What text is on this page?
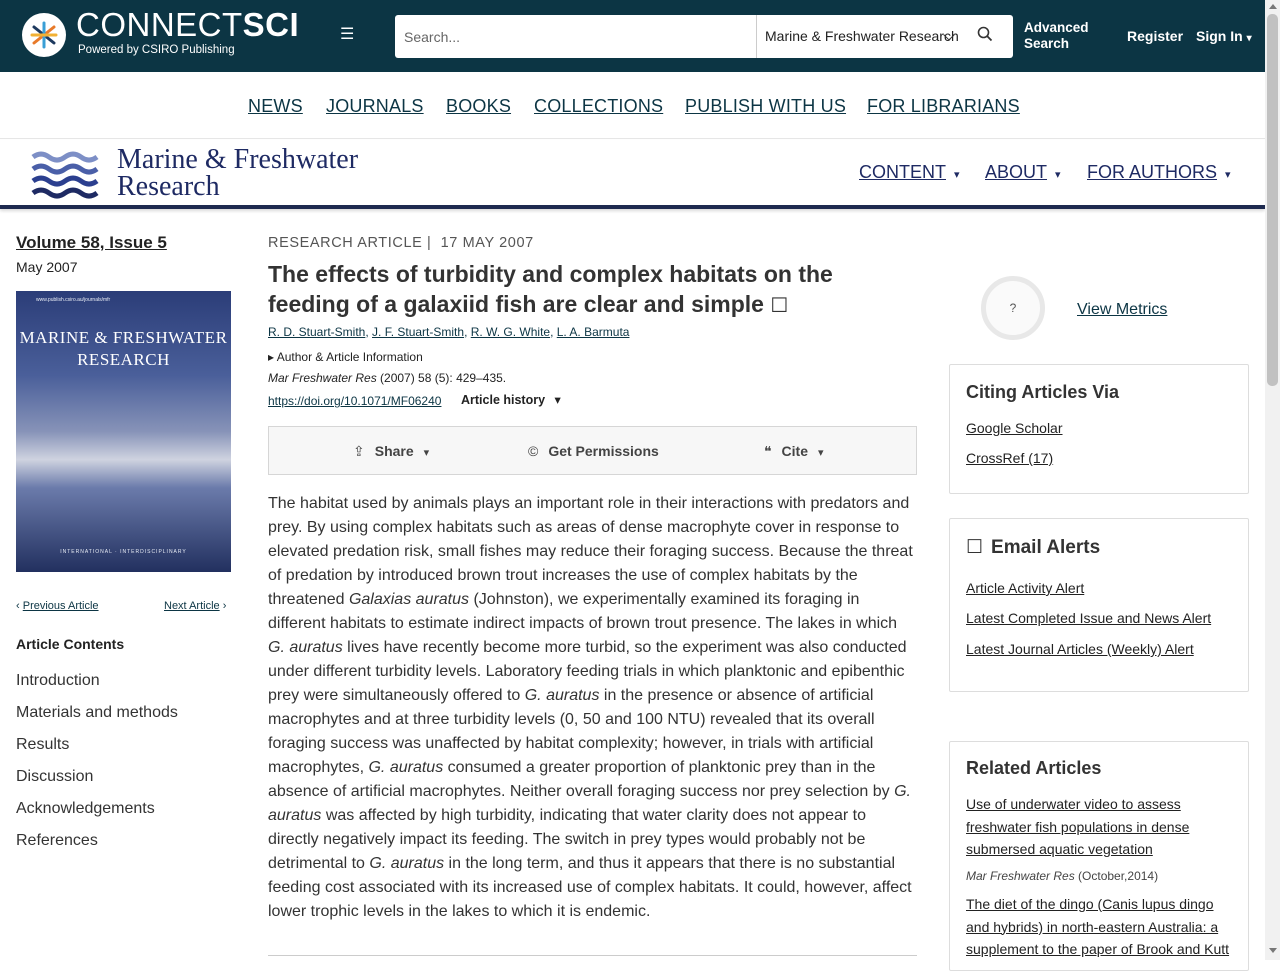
CONNECTSCI
Powered by CSIRO Publishing
☰
Search...	Marine & Freshwater Research
Advanced
Search	Register Sign In ▾
NEWS JOURNALS BOOKS COLLECTIONS PUBLISH WITH US FOR LIBRARIANS
Marine & Freshwater
Research	CONTENT ▾ ABOUT ▾ FOR AUTHORS ▾
Volume 58, Issue 5
May 2007
www.publish.csiro.au/journals/mfr
MARINE & FRESHWATER
RESEARCH
INTERNATIONAL · INTERDISCIPLINARY
‹ Previous Article	Next Article ›
Article Contents
Introduction
Materials and methods
Results
Discussion
Acknowledgements
References
RESEARCH ARTICLE | 17 MAY 2007
The effects of turbidity and complex habitats on the feeding of a galaxiid fish are clear and simple ☐
R. D. Stuart-Smith, J. F. Stuart-Smith, R. W. G. White, L. A. Barmuta
▸ Author & Article Information
Mar Freshwater Res (2007) 58 (5): 429–435.
https://doi.org/10.1071/MF06240 Article history ▾
⇪ Share ▾	© Get Permissions	❝ Cite ▾
The habitat used by animals plays an important role in their interactions with predators and prey. By using complex habitats such as areas of dense macrophyte cover in response to elevated predation risk, small fishes may reduce their foraging success. Because the threat of predation by introduced brown trout increases the use of complex habitats by the threatened Galaxias auratus (Johnston), we experimentally examined its foraging in different habitats to estimate indirect impacts of brown trout presence. The lakes in which G. auratus lives have recently become more turbid, so the experiment was also conducted under different turbidity levels. Laboratory feeding trials in which planktonic and epibenthic prey were simultaneously offered to G. auratus in the presence or absence of artificial macrophytes and at three turbidity levels (0, 50 and 100 NTU) revealed that its overall foraging success was unaffected by habitat complexity; however, in trials with artificial macrophytes, G. auratus consumed a greater proportion of planktonic prey than in the absence of artificial macrophytes. Neither overall foraging success nor prey selection by G. auratus was affected by high turbidity, indicating that water clarity does not appear to directly negatively impact its feeding. The switch in prey types would probably not be detrimental to G. auratus in the long term, and thus it appears that there is no substantial feeding cost associated with its increased use of complex habitats. It could, however, affect lower trophic levels in the lakes to which it is endemic.
?	View Metrics
Citing Articles Via
Google Scholar
CrossRef (17)
☐ Email Alerts
Article Activity Alert
Latest Completed Issue and News Alert
Latest Journal Articles (Weekly) Alert
Related Articles
Use of underwater video to assess freshwater fish populations in dense submersed aquatic vegetation
Mar Freshwater Res (October,2014)
The diet of the dingo (Canis lupus dingo and hybrids) in north-eastern Australia: a supplement to the paper of Brook and Kutt
